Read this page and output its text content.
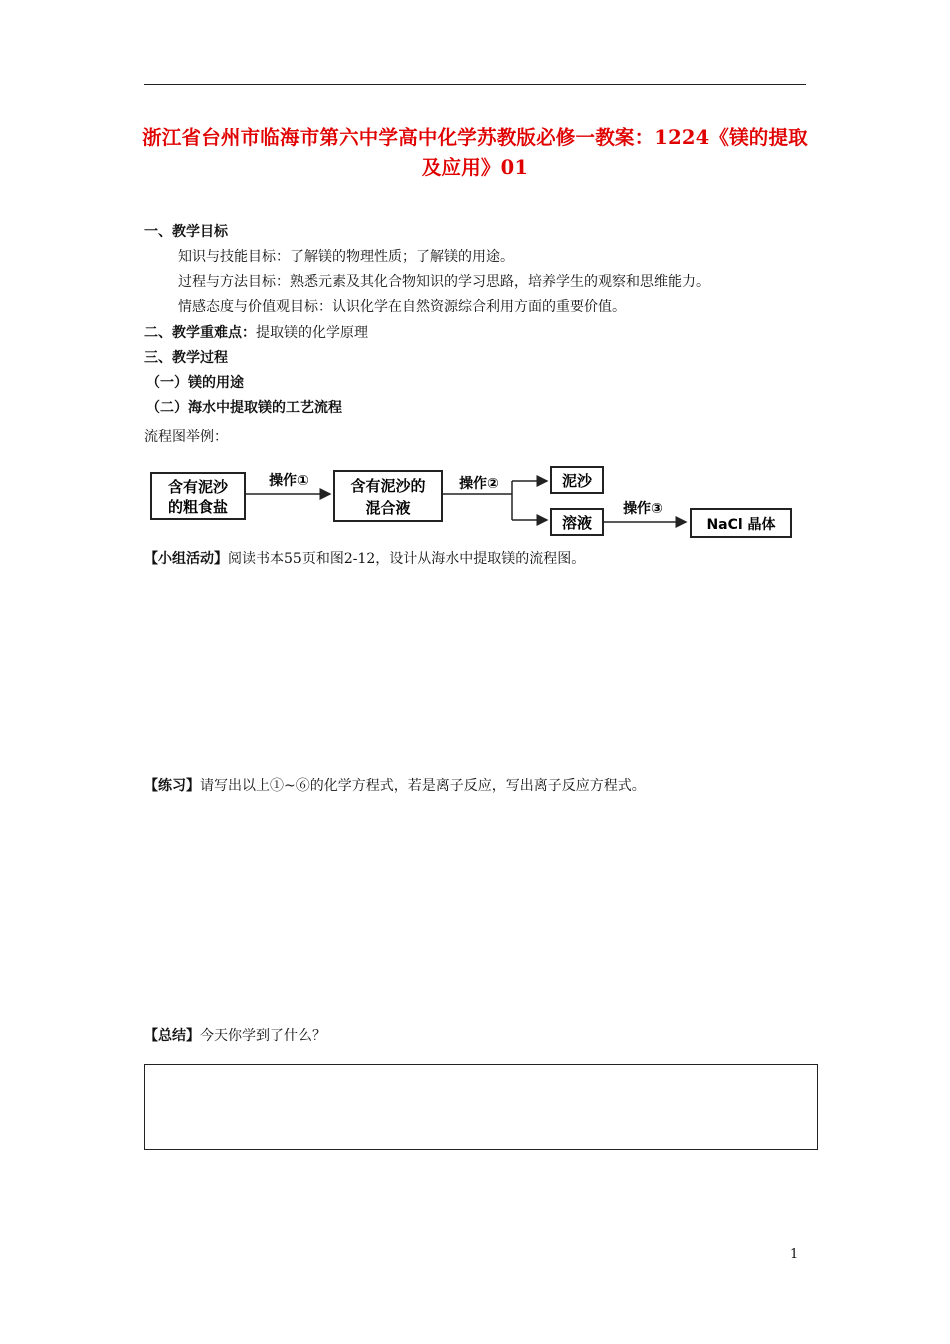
浙江省台州市临海市第六中学高中化学苏教版必修一教案：1224《镁的提取及应用》01
一、教学目标
知识与技能目标：了解镁的物理性质；了解镁的用途。
过程与方法目标：熟悉元素及其化合物知识的学习思路，培养学生的观察和思维能力。
情感态度与价值观目标：认识化学在自然资源综合利用方面的重要价值。
二、教学重难点：提取镁的化学原理
三、教学过程
（一）镁的用途
（二）海水中提取镁的工艺流程
流程图举例：
含有泥沙
的粗食盐
操作①	含有泥沙的
混合液
操作②	泥沙
溶液
操作③
NaCl 晶体
【小组活动】阅读书本55页和图2-12，设计从海水中提取镁的流程图。
【练习】请写出以上①~⑥的化学方程式，若是离子反应，写出离子反应方程式。
【总结】今天你学到了什么？
1
